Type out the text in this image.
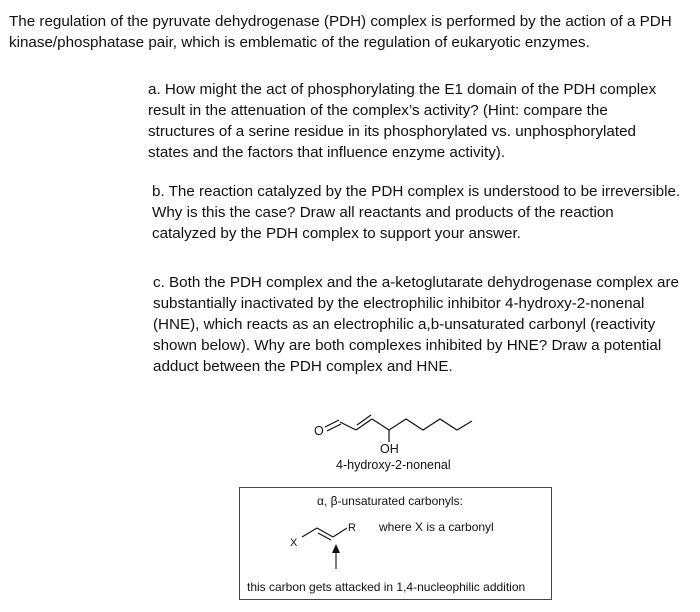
The regulation of the pyruvate dehydrogenase (PDH) complex is performed by the action of a PDH kinase/phosphatase pair, which is emblematic of the regulation of eukaryotic enzymes.

a. How might the act of phosphorylating the E1 domain of the PDH complex result in the attenuation of the complex’s activity? (Hint: compare the structures of a serine residue in its phosphorylated vs. unphosphorylated states and the factors that influence enzyme activity).

b. The reaction catalyzed by the PDH complex is understood to be irreversible. Why is this the case? Draw all reactants and products of the reaction catalyzed by the PDH complex to support your answer.

c. Both the PDH complex and the a-ketoglutarate dehydrogenase complex are substantially inactivated by the electrophilic inhibitor 4-hydroxy-2-nonenal (HNE), which reacts as an electrophilic a,b-unsaturated carbonyl (reactivity shown below). Why are both complexes inhibited by HNE? Draw a potential adduct between the PDH complex and HNE.

O
OH
4-hydroxy-2-nonenal
α, β-unsaturated carbonyls:
X
R where X is a carbonyl
this carbon gets attacked in 1,4-nucleophilic addition
